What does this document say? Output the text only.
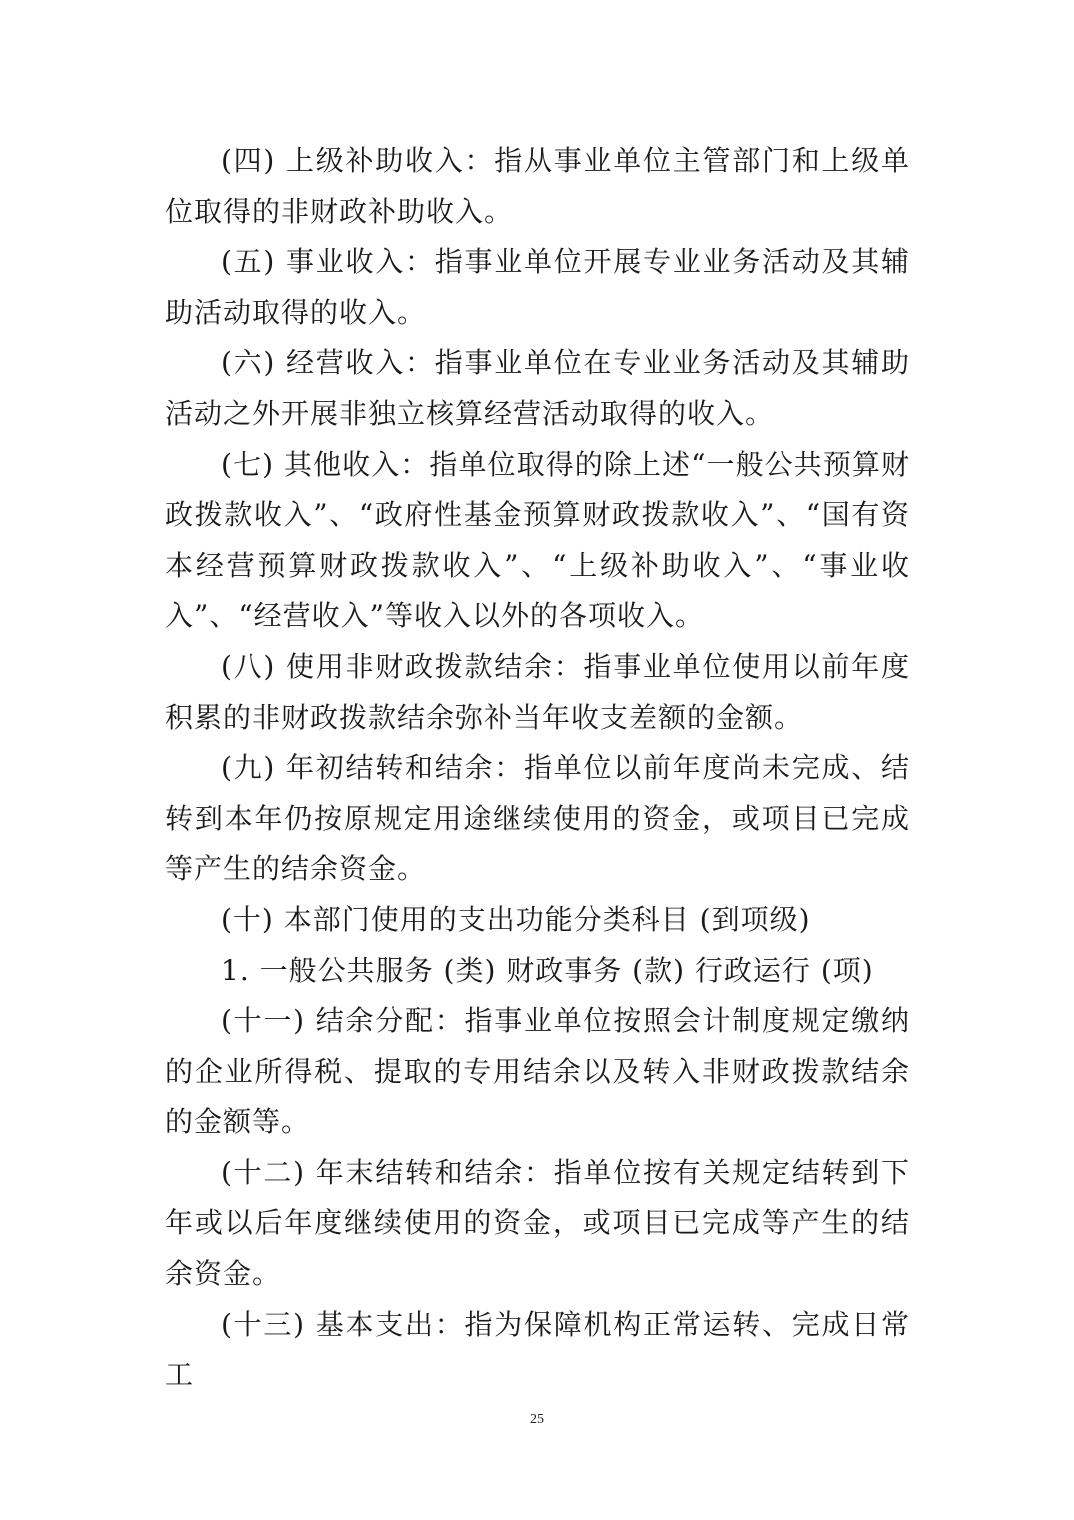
(四) 上级补助收入：指从事业单位主管部门和上级单位取得的非财政补助收入。

(五) 事业收入：指事业单位开展专业业务活动及其辅助活动取得的收入。

(六) 经营收入：指事业单位在专业业务活动及其辅助活动之外开展非独立核算经营活动取得的收入。

(七) 其他收入：指单位取得的除上述“一般公共预算财政拨款收入”、“政府性基金预算财政拨款收入”、“国有资本经营预算财政拨款收入”、“上级补助收入”、“事业收入”、“经营收入”等收入以外的各项收入。

(八) 使用非财政拨款结余：指事业单位使用以前年度积累的非财政拨款结余弥补当年收支差额的金额。

(九) 年初结转和结余：指单位以前年度尚未完成、结转到本年仍按原规定用途继续使用的资金，或项目已完成等产生的结余资金。

(十) 本部门使用的支出功能分类科目 (到项级)

1. 一般公共服务 (类) 财政事务 (款) 行政运行 (项)

(十一) 结余分配：指事业单位按照会计制度规定缴纳的企业所得税、提取的专用结余以及转入非财政拨款结余的金额等。

(十二) 年末结转和结余：指单位按有关规定结转到下年或以后年度继续使用的资金，或项目已完成等产生的结余资金。

(十三) 基本支出：指为保障机构正常运转、完成日常工

25
